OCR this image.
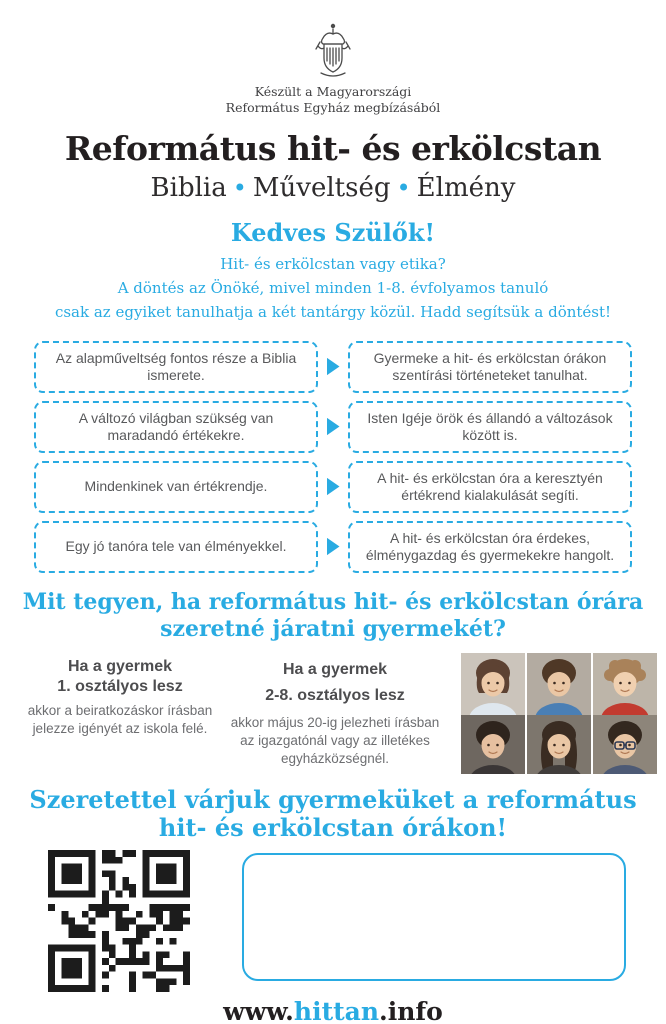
Készült a Magyarországi
Református Egyház megbízásából
Református hit- és erkölcstan
Biblia • Műveltség • Élmény
Kedves Szülők!
Hit- és erkölcstan vagy etika?
A döntés az Önöké, mivel minden 1-8. évfolyamos tanuló
csak az egyiket tanulhatja a két tantárgy közül. Hadd segítsük a döntést!
Az alapműveltség fontos része a Biblia ismerete.
Gyermeke a hit- és erkölcstan órákon szentírási történeteket tanulhat.
A változó világban szükség van maradandó értékekre.
Isten Igéje örök és állandó a változások között is.
Mindenkinek van értékrendje.
A hit- és erkölcstan óra a keresztyén értékrend kialakulását segíti.
Egy jó tanóra tele van élményekkel.
A hit- és erkölcstan óra érdekes, élménygazdag és gyermekekre hangolt.
Mit tegyen, ha református hit- és erkölcstan órára
szeretné járatni gyermekét?
Ha a gyermek
1. osztályos lesz
akkor a beiratkozáskor írásban jelezze igényét az iskola felé.
Ha a gyermek
2-8. osztályos lesz
akkor május 20-ig jelezheti írásban az igazgatónál vagy az illetékes egyházközségnél.
Szeretettel várjuk gyermeküket a református
hit- és erkölcstan órákon!
www.hittan.info
